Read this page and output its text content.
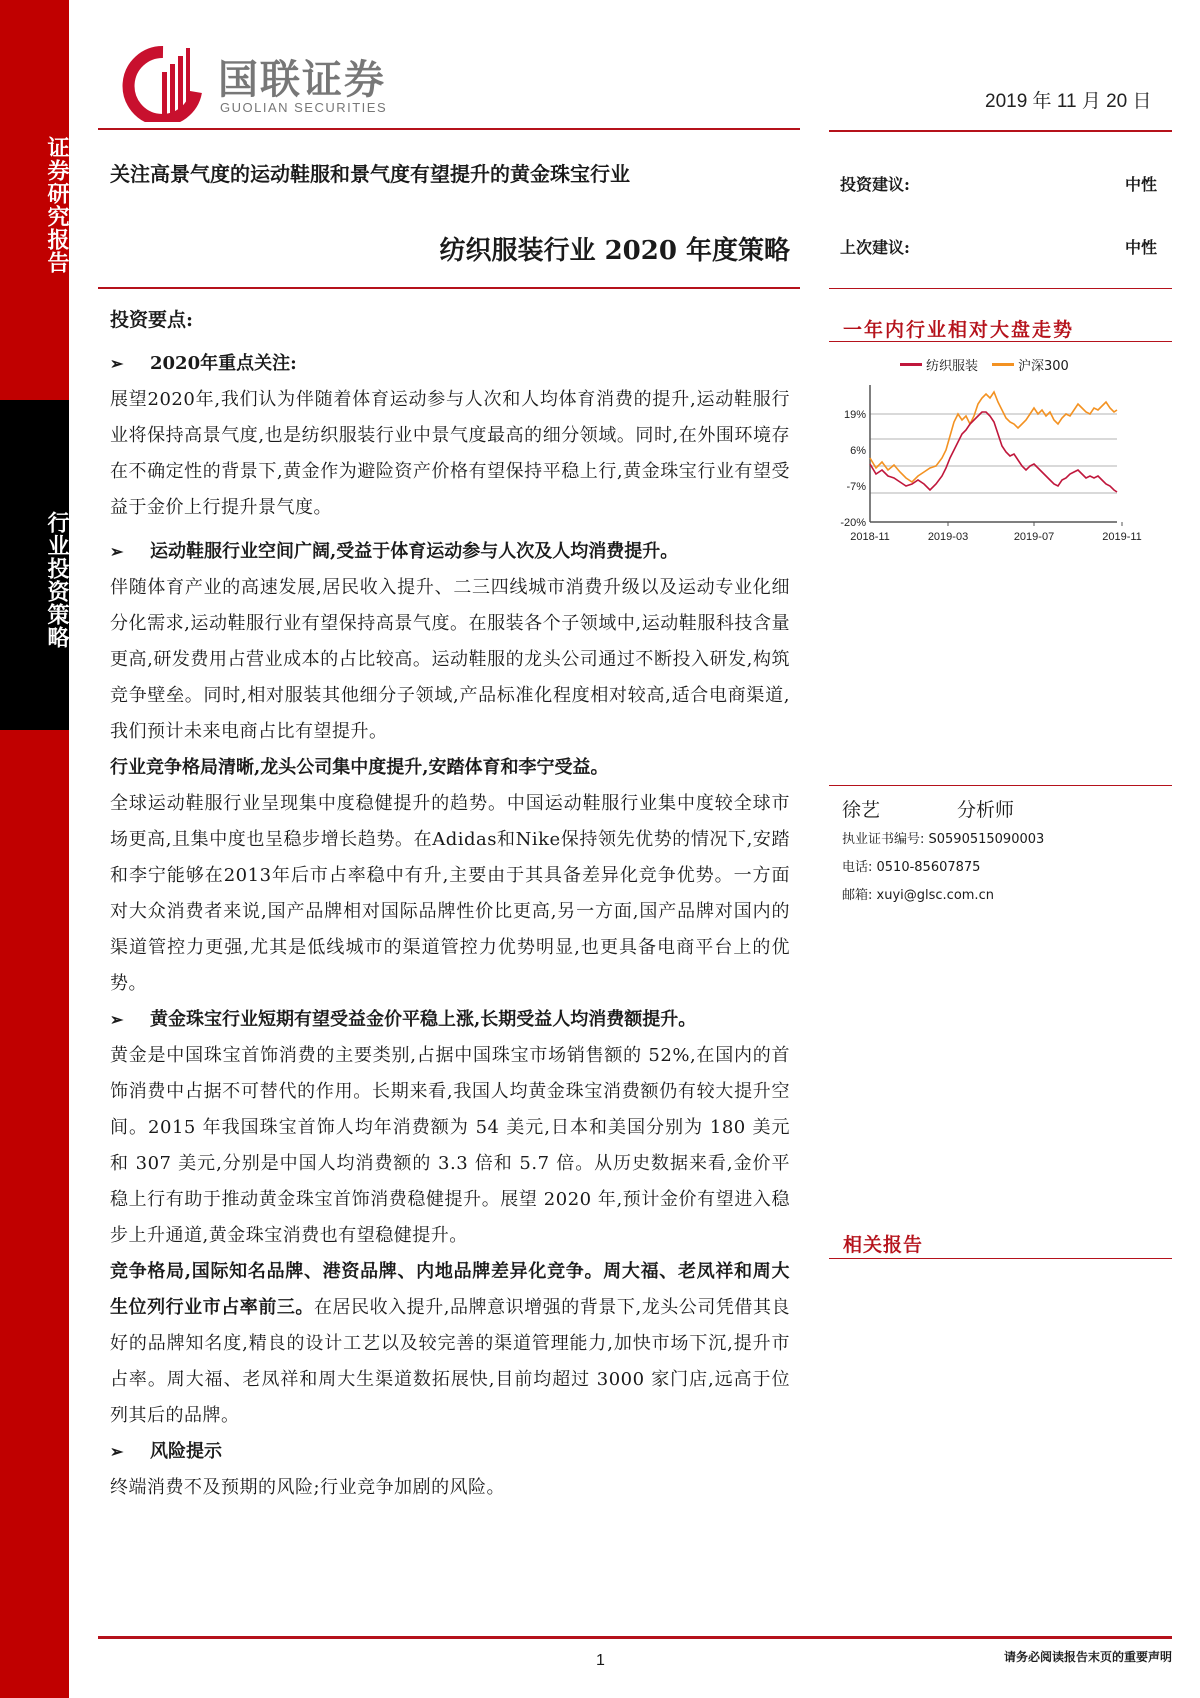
证券研究报告
行业投资策略
国联证券
GUOLIAN SECURITIES	2019 年 11 月 20 日
关注高景气度的运动鞋服和景气度有望提升的黄金珠宝行业
纺织服装行业 2020 年度策略
投资建议:	中性
上次建议:	中性
一年内行业相对大盘走势
纺织服装	沪深300
19%
6%
-7%
-20%
2018-11	2019-03	2019-07	2019-11
徐艺	分析师
执业证书编号: S0590515090003
电话: 0510-85607875
邮箱: xuyi@glsc.com.cn
相关报告
投资要点:
➢	2020年重点关注:
展望2020年,我们认为伴随着体育运动参与人次和人均体育消费的提升,运动鞋服行业将保持高景气度,也是纺织服装行业中景气度最高的细分领域。同时,在外围环境存在不确定性的背景下,黄金作为避险资产价格有望保持平稳上行,黄金珠宝行业有望受益于金价上行提升景气度。
➢	运动鞋服行业空间广阔,受益于体育运动参与人次及人均消费提升。
伴随体育产业的高速发展,居民收入提升、二三四线城市消费升级以及运动专业化细分化需求,运动鞋服行业有望保持高景气度。在服装各个子领域中,运动鞋服科技含量更高,研发费用占营业成本的占比较高。运动鞋服的龙头公司通过不断投入研发,构筑竞争壁垒。同时,相对服装其他细分子领域,产品标准化程度相对较高,适合电商渠道,我们预计未来电商占比有望提升。
行业竞争格局清晰,龙头公司集中度提升,安踏体育和李宁受益。
全球运动鞋服行业呈现集中度稳健提升的趋势。中国运动鞋服行业集中度较全球市场更高,且集中度也呈稳步增长趋势。在Adidas和Nike保持领先优势的情况下,安踏和李宁能够在2013年后市占率稳中有升,主要由于其具备差异化竞争优势。一方面对大众消费者来说,国产品牌相对国际品牌性价比更高,另一方面,国产品牌对国内的渠道管控力更强,尤其是低线城市的渠道管控力优势明显,也更具备电商平台上的优势。
➢	黄金珠宝行业短期有望受益金价平稳上涨,长期受益人均消费额提升。
黄金是中国珠宝首饰消费的主要类别,占据中国珠宝市场销售额的 52%,在国内的首饰消费中占据不可替代的作用。长期来看,我国人均黄金珠宝消费额仍有较大提升空间。2015 年我国珠宝首饰人均年消费额为 54 美元,日本和美国分别为 180 美元和 307 美元,分别是中国人均消费额的 3.3 倍和 5.7 倍。从历史数据来看,金价平稳上行有助于推动黄金珠宝首饰消费稳健提升。展望 2020 年,预计金价有望进入稳步上升通道,黄金珠宝消费也有望稳健提升。
竞争格局,国际知名品牌、港资品牌、内地品牌差异化竞争。周大福、老凤祥和周大生位列行业市占率前三。在居民收入提升,品牌意识增强的背景下,龙头公司凭借其良好的品牌知名度,精良的设计工艺以及较完善的渠道管理能力,加快市场下沉,提升市占率。周大福、老凤祥和周大生渠道数拓展快,目前均超过 3000 家门店,远高于位列其后的品牌。
➢	风险提示
终端消费不及预期的风险;行业竞争加剧的风险。
1	请务必阅读报告末页的重要声明
